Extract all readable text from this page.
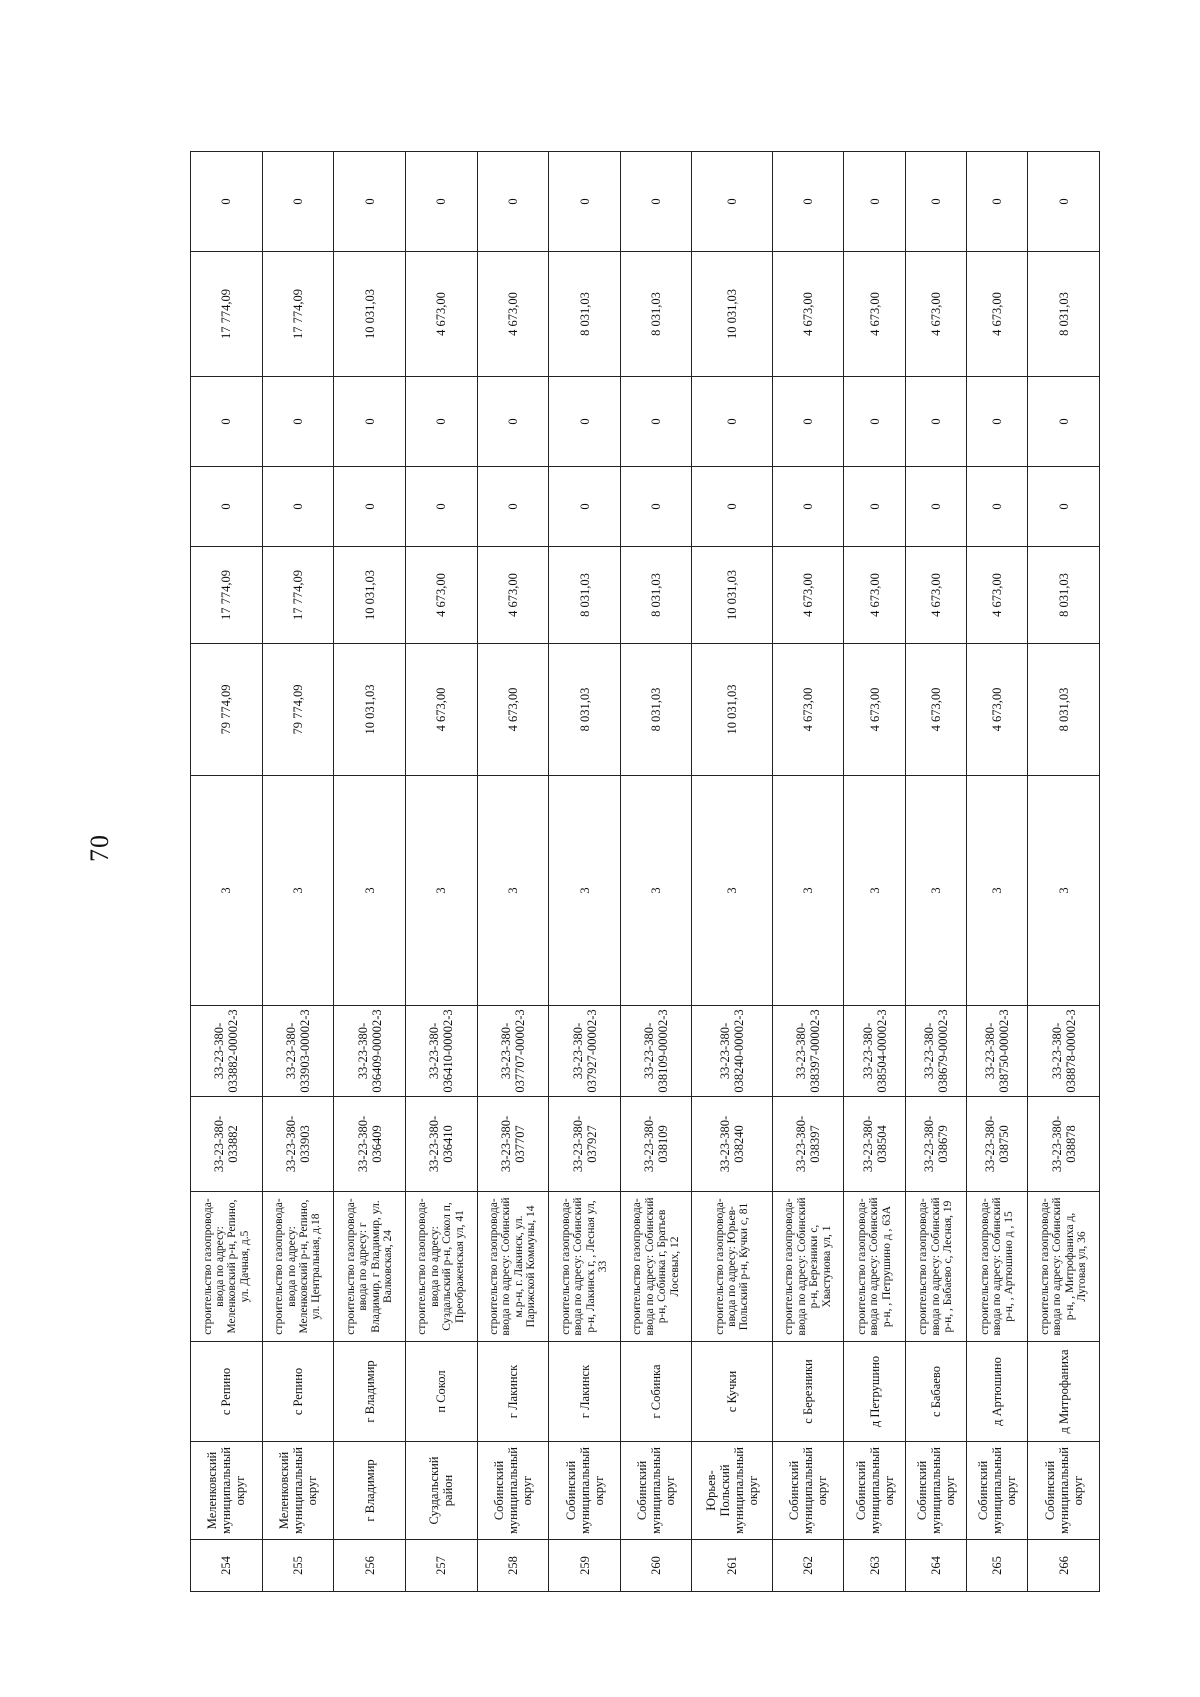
70
254	Меленковский муниципальный округ	с Репино	строительство газопровода-ввода по адресу: Меленковский р-н, Репино, ул. Дачная, д.5	33-23-380-033882	33-23-380-033882-00002-3	3	79 774,09	17 774,09	0	0	17 774,09	0
255	Меленковский муниципальный округ	с Репино	строительство газопровода-ввода по адресу: Меленковский р-н, Репино, ул. Центральная, д.18	33-23-380-033903	33-23-380-033903-00002-3	3	79 774,09	17 774,09	0	0	17 774,09	0
256	г Владимир	г Владимир	строительство газопровода-ввода по адресу: г Владимир, г Владимир, ул. Валковская, 24	33-23-380-036409	33-23-380-036409-00002-3	3	10 031,03	10 031,03	0	0	10 031,03	0
257	Суздальский район	п Сокол	строительство газопровода-ввода по адресу: Суздальский р-н, Сокол п, Преображенская ул, 41	33-23-380-036410	33-23-380-036410-00002-3	3	4 673,00	4 673,00	0	0	4 673,00	0
258	Собинский муниципальный округ	г Лакинск	строительство газопровода-ввода по адресу: Собинский м.р-н, г. Лакинск, ул. Парижской Коммуны, 14	33-23-380-037707	33-23-380-037707-00002-3	3	4 673,00	4 673,00	0	0	4 673,00	0
259	Собинский муниципальный округ	г Лакинск	строительство газопровода-ввода по адресу: Собинский р-н, Лакинск г, , Лесная ул, 33	33-23-380-037927	33-23-380-037927-00002-3	3	8 031,03	8 031,03	0	0	8 031,03	0
260	Собинский муниципальный округ	г Собинка	строительство газопровода-ввода по адресу: Собинский р-н, Собинка г, Братьев Лосевых, 12	33-23-380-038109	33-23-380-038109-00002-3	3	8 031,03	8 031,03	0	0	8 031,03	0
261	Юрьев-Польский муниципальный округ	с Кучки	строительство газопровода-ввода по адресу: Юрьев-Польский р-н, Кучки с, 81	33-23-380-038240	33-23-380-038240-00002-3	3	10 031,03	10 031,03	0	0	10 031,03	0
262	Собинский муниципальный округ	с Березники	строительство газопровода-ввода по адресу: Собинский р-н, Березники с, Хвастунова ул, 1	33-23-380-038397	33-23-380-038397-00002-3	3	4 673,00	4 673,00	0	0	4 673,00	0
263	Собинский муниципальный округ	д Петрушино	строительство газопровода-ввода по адресу: Собинский р-н, , Петрушино д , 63А	33-23-380-038504	33-23-380-038504-00002-3	3	4 673,00	4 673,00	0	0	4 673,00	0
264	Собинский муниципальный округ	с Бабаево	строительство газопровода-ввода по адресу: Собинский р-н, , Бабаево с, Лесная, 19	33-23-380-038679	33-23-380-038679-00002-3	3	4 673,00	4 673,00	0	0	4 673,00	0
265	Собинский муниципальный округ	д Артюшино	строительство газопровода-ввода по адресу: Собинский р-н, , Артюшино д , 15	33-23-380-038750	33-23-380-038750-00002-3	3	4 673,00	4 673,00	0	0	4 673,00	0
266	Собинский муниципальный округ	д Митрофаниха	строительство газопровода-ввода по адресу: Собинский р-н, , Митрофаниха д, Луговая ул, 36	33-23-380-038878	33-23-380-038878-00002-3	3	8 031,03	8 031,03	0	0	8 031,03	0
